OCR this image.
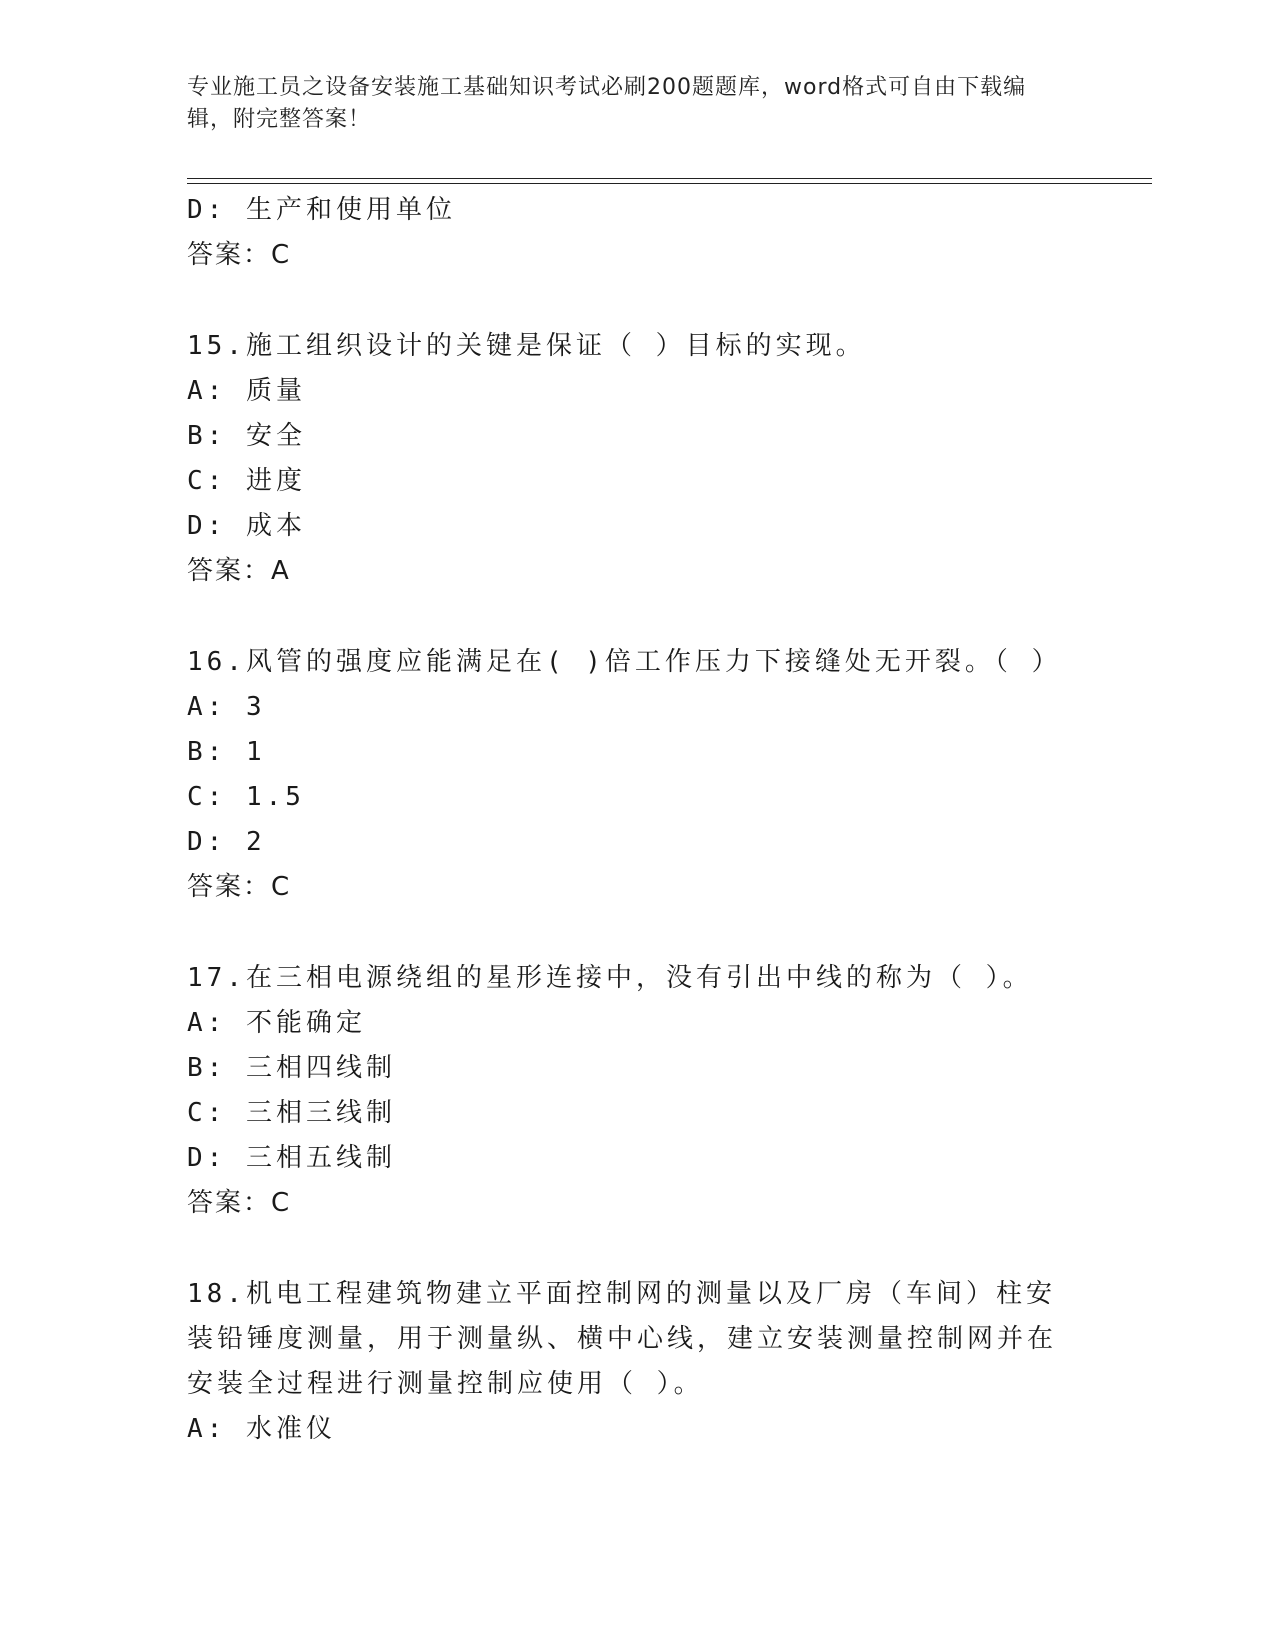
专业施工员之设备安装施工基础知识考试必刷200题题库，word格式可自由下载编辑，附完整答案！
D: 生产和使用单位
答案：C
15.施工组织设计的关键是保证（ ）目标的实现。
A: 质量
B: 安全
C: 进度
D: 成本
答案：A
16.风管的强度应能满足在( )倍工作压力下接缝处无开裂。（ ）
A: 3
B: 1
C: 1.5
D: 2
答案：C
17.在三相电源绕组的星形连接中，没有引出中线的称为（ ）。
A: 不能确定
B: 三相四线制
C: 三相三线制
D: 三相五线制
答案：C
18.机电工程建筑物建立平面控制网的测量以及厂房（车间）柱安装铅锤度测量，用于测量纵、横中心线，建立安装测量控制网并在安装全过程进行测量控制应使用（ ）。
A: 水准仪
